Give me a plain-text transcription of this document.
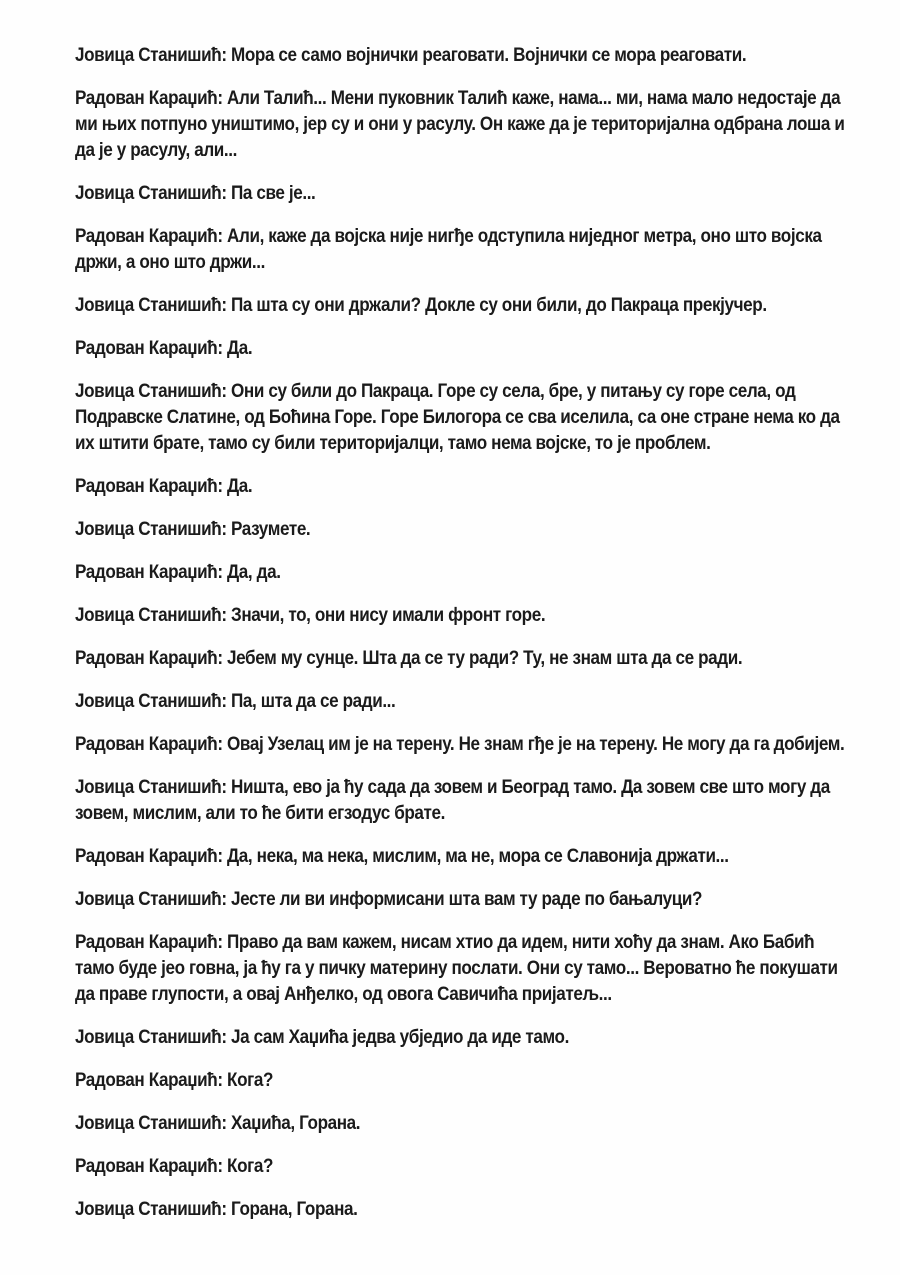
Јовица Станишић: Мора се само војнички реаговати. Војнички се мора реаговати.

Радован Караџић: Али Талић... Мени пуковник Талић каже, нама... ми, нама мало недостаје да ми њих потпуно уништимо, јер су и они у расулу. Он каже да је територијална одбрана лоша и да је у расулу, али...

Јовица Станишић: Па све је...

Радован Караџић: Али, каже да војска није нигђе одступила ниједног метра, оно што војска држи, а оно што држи...

Јовица Станишић: Па шта су они држали? Докле су они били, до Пакраца прекјучер.

Радован Караџић: Да.

Јовица Станишић: Они су били до Пакраца. Горе су села, бре, у питању су горе села, од Подравске Слатине, од Боћина Горе. Горе Билогора се сва иселила, са оне стране нема ко да их штити брате, тамо су били територијалци, тамо нема војске, то је проблем.

Радован Караџић: Да.

Јовица Станишић: Разумете.

Радован Караџић: Да, да.

Јовица Станишић: Значи, то, они нису имали фронт горе.

Радован Караџић: Јебем му сунце. Шта да се ту ради? Ту, не знам шта да се ради.

Јовица Станишић: Па, шта да се ради...

Радован Караџић: Овај Узелац им је на терену. Не знам гђе је на терену. Не могу да га добијем.

Јовица Станишић: Ништа, ево ја ћу сада да зовем и Београд тамо. Да зовем све што могу да зовем, мислим, али то ће бити егзодус брате.

Радован Караџић: Да, нека, ма нека, мислим, ма не, мора се Славонија држати...

Јовица Станишић: Јесте ли ви информисани шта вам ту раде по бањалуци?

Радован Караџић: Право да вам кажем, нисам хтио да идем, нити хоћу да знам. Ако Бабић тамо буде јео говна, ја ћу га у пичку материну послати. Они су тамо... Вероватно ће покушати да праве глупости, а овај Анђелко, од овога Савичића пријатељ...

Јовица Станишић: Ја сам Хаџића једва убједио да иде тамо.

Радован Караџић: Кога?

Јовица Станишић: Хаџића, Горана.

Радован Караџић: Кога?

Јовица Станишић: Горана, Горана.
